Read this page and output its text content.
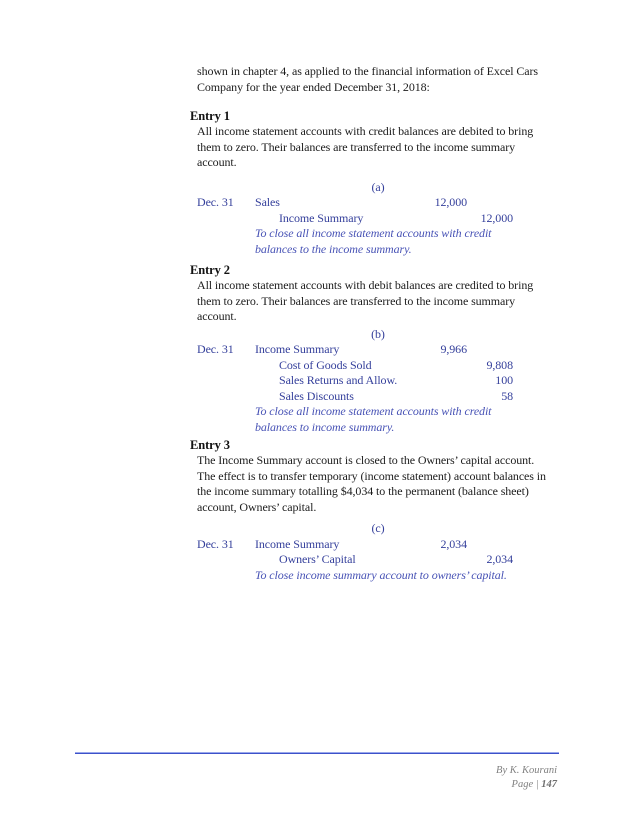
shown in chapter 4, as applied to the financial information of Excel Cars Company for the year ended December 31, 2018:

Entry 1

All income statement accounts with credit balances are debited to bring them to zero. Their balances are transferred to the income summary account.

(a)
Dec. 31	Sales	12,000
Income Summary	12,000
To close all income statement accounts with credit balances to the income summary.
Entry 2

All income statement accounts with debit balances are credited to bring them to zero. Their balances are transferred to the income summary account.

(b)
Dec. 31	Income Summary	9,966
Cost of Goods Sold	9,808
Sales Returns and Allow.	100
Sales Discounts	58
To close all income statement accounts with credit balances to income summary.
Entry 3

The Income Summary account is closed to the Owners’ capital account. The effect is to transfer temporary (income statement) account balances in the income summary totalling $4,034 to the permanent (balance sheet) account, Owners’ capital.

(c)
Dec. 31	Income Summary	2,034
Owners’ Capital	2,034
To close income summary account to owners’ capital.
By K. Kourani
Page | 147
